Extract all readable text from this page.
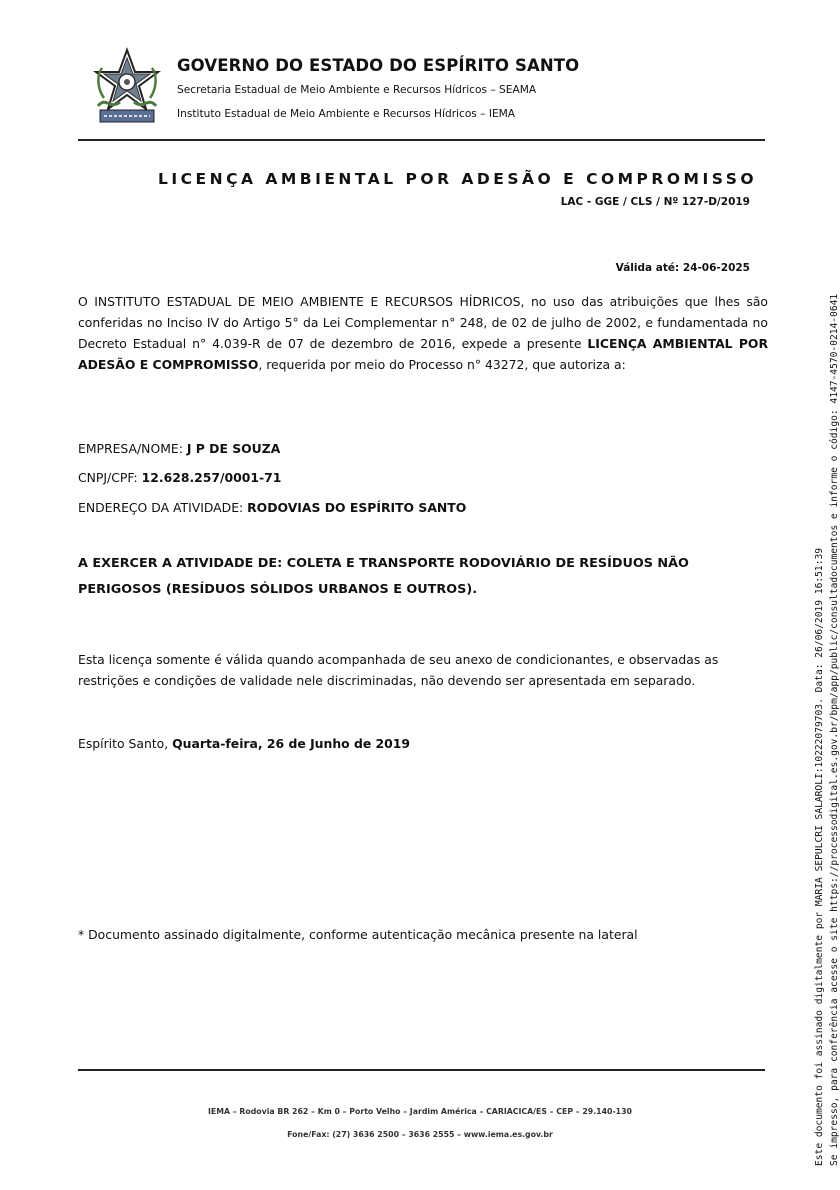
GOVERNO DO ESTADO DO ESPÍRITO SANTO
Secretaria Estadual de Meio Ambiente e Recursos Hídricos – SEAMA
Instituto Estadual de Meio Ambiente e Recursos Hídricos – IEMA
LICENÇA AMBIENTAL POR ADESÃO E COMPROMISSO
LAC - GGE / CLS / Nº 127-D/2019
Válida até: 24-06-2025
O INSTITUTO ESTADUAL DE MEIO AMBIENTE E RECURSOS HÍDRICOS, no uso das atribuições que lhes são conferidas no Inciso IV do Artigo 5° da Lei Complementar n° 248, de 02 de julho de 2002, e fundamentada no Decreto Estadual n° 4.039-R de 07 de dezembro de 2016, expede a presente LICENÇA AMBIENTAL POR ADESÃO E COMPROMISSO, requerida por meio do Processo n° 43272, que autoriza a:
EMPRESA/NOME: J P DE SOUZA
CNPJ/CPF: 12.628.257/0001-71
ENDEREÇO DA ATIVIDADE: RODOVIAS DO ESPÍRITO SANTO
A EXERCER A ATIVIDADE DE: COLETA E TRANSPORTE RODOVIÁRIO DE RESÍDUOS NÃO PERIGOSOS (RESÍDUOS SÓLIDOS URBANOS E OUTROS).
Esta licença somente é válida quando acompanhada de seu anexo de condicionantes, e observadas as restrições e condições de validade nele discriminadas, não devendo ser apresentada em separado.
Espírito Santo, Quarta-feira, 26 de Junho de 2019
* Documento assinado digitalmente, conforme autenticação mecânica presente na lateral
IEMA – Rodovia BR 262 – Km 0 – Porto Velho – Jardim América – CARIACICA/ES – CEP – 29.140-130
Fone/Fax: (27) 3636 2500 – 3636 2555 – www.iema.es.gov.br	Este documento foi assinado digitalmente por MARIA SEPULCRI SALAROLI:10222079703. Data: 26/06/2019 16:51:39 Se impresso, para conferência acesse o site https://processodigital.es.gov.br/bpm/app/public/consultadocumentos e informe o código: 4147-4570-0214-0641
